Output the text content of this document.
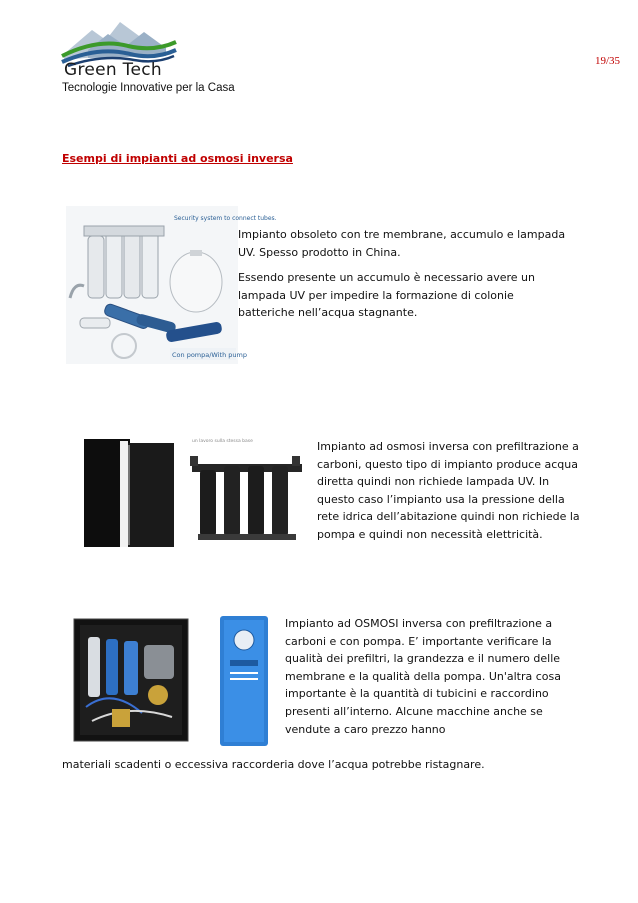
Green Tech
Tecnologie Innovative per la Casa
19/35
Esempi di impianti ad osmosi inversa
Security system to connect tubes.
Con pompa/With pump

Impianto obsoleto con tre membrane, accumulo e lampada UV. Spesso prodotto in China.

Essendo presente un accumulo è necessario avere un lampada UV per impedire la formazione di colonie batteriche nell’acqua stagnante.

un lavoro sulla stessa base	Impianto ad osmosi inversa con prefiltrazione a carboni, questo tipo di impianto produce acqua diretta quindi non richiede lampada UV. In questo caso l’impianto usa la pressione della rete idrica dell’abitazione quindi non richiede la pompa e quindi non necessità elettricità.

Impianto ad OSMOSI inversa con prefiltrazione a carboni e con pompa. E’ importante verificare la qualità dei prefiltri, la grandezza e il numero delle membrane e la qualità della pompa. Un'altra cosa importante è la quantità di tubicini e raccordino presenti all’interno. Alcune macchine anche se vendute a caro prezzo hanno

materiali scadenti o eccessiva raccorderia dove l’acqua potrebbe ristagnare.
